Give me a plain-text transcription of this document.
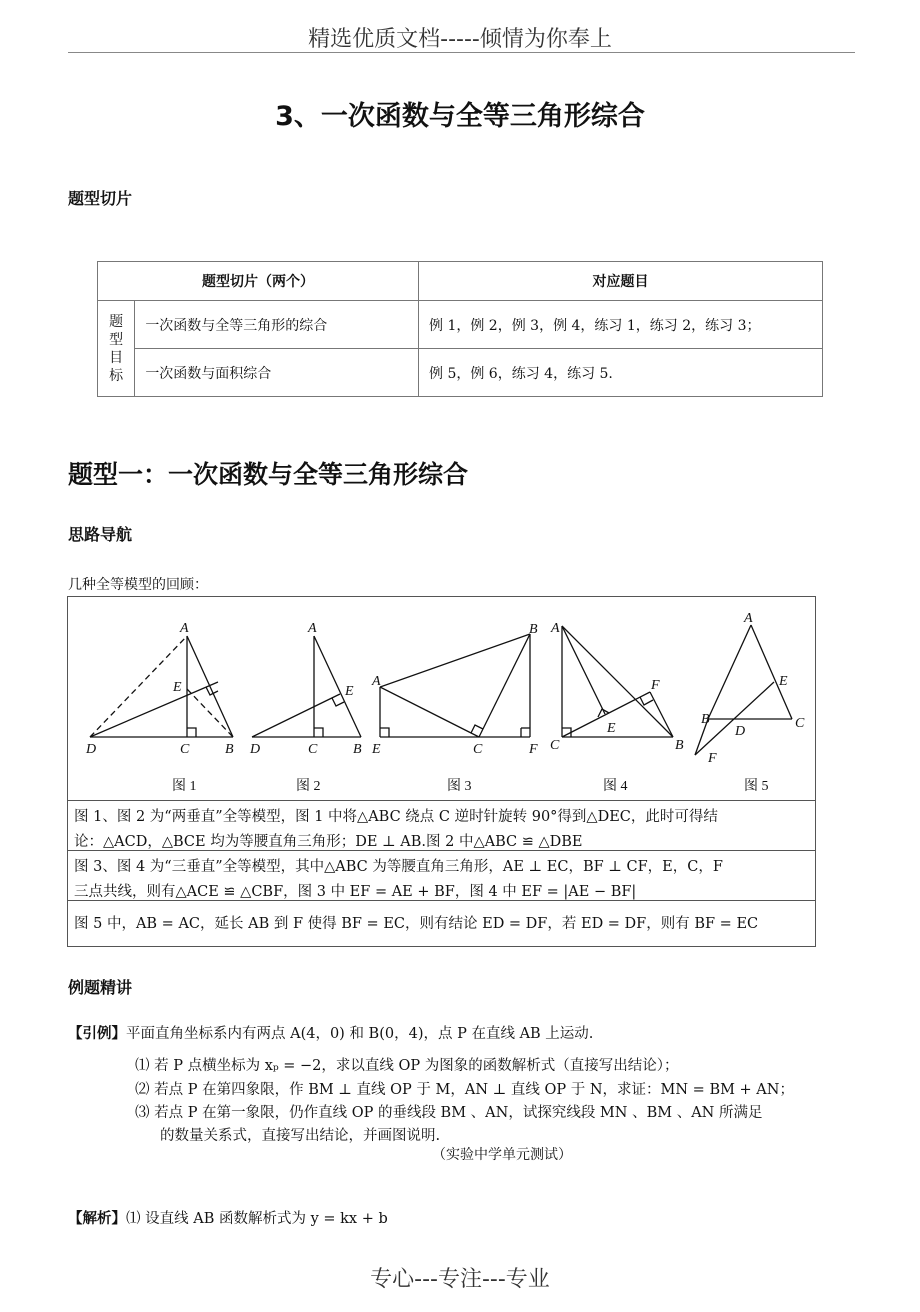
精选优质文档-----倾情为你奉上
3、一次函数与全等三角形综合
题型切片
题型切片（两个）		对应题目
题
型
目
标	一次函数与全等三角形的综合	例 1，例 2，例 3，例 4，练习 1，练习 2，练习 3；
	一次函数与面积综合	例 5，例 6，练习 4，练习 5.
题型一：一次函数与全等三角形综合
思路导航
几种全等模型的回顾：
A
E
D	C	B
A
E
D	C	B
B
A
E	C	F
A
F
E
C	B
A
E
B
D
C
F
图 1	图 2	图 3	图 4	图 5
图 1、图 2 为“两垂直”全等模型，图 1 中将△ABC 绕点 C 逆时针旋转 90°得到△DEC，此时可得结
论：△ACD，△BCE 均为等腰直角三角形；DE ⊥ AB.图 2 中△ABC ≌ △DBE
图 3、图 4 为“三垂直”全等模型，其中△ABC 为等腰直角三角形，AE ⊥ EC，BF ⊥ CF，E，C，F
三点共线，则有△ACE ≌ △CBF，图 3 中 EF = AE + BF，图 4 中 EF = |AE − BF|
图 5 中，AB = AC，延长 AB 到 F 使得 BF = EC，则有结论 ED = DF，若 ED = DF，则有 BF = EC
例题精讲
【引例】平面直角坐标系内有两点 A(4，0) 和 B(0，4)，点 P 在直线 AB 上运动.
⑴ 若 P 点横坐标为 xₚ = −2，求以直线 OP 为图象的函数解析式（直接写出结论）；
⑵ 若点 P 在第四象限，作 BM ⊥ 直线 OP 于 M，AN ⊥ 直线 OP 于 N，求证：MN = BM + AN；
⑶ 若点 P 在第一象限，仍作直线 OP 的垂线段 BM 、AN，试探究线段 MN 、BM 、AN 所满足
的数量关系式，直接写出结论，并画图说明.
（实验中学单元测试）
【解析】⑴ 设直线 AB 函数解析式为 y = kx + b
专心---专注---专业
